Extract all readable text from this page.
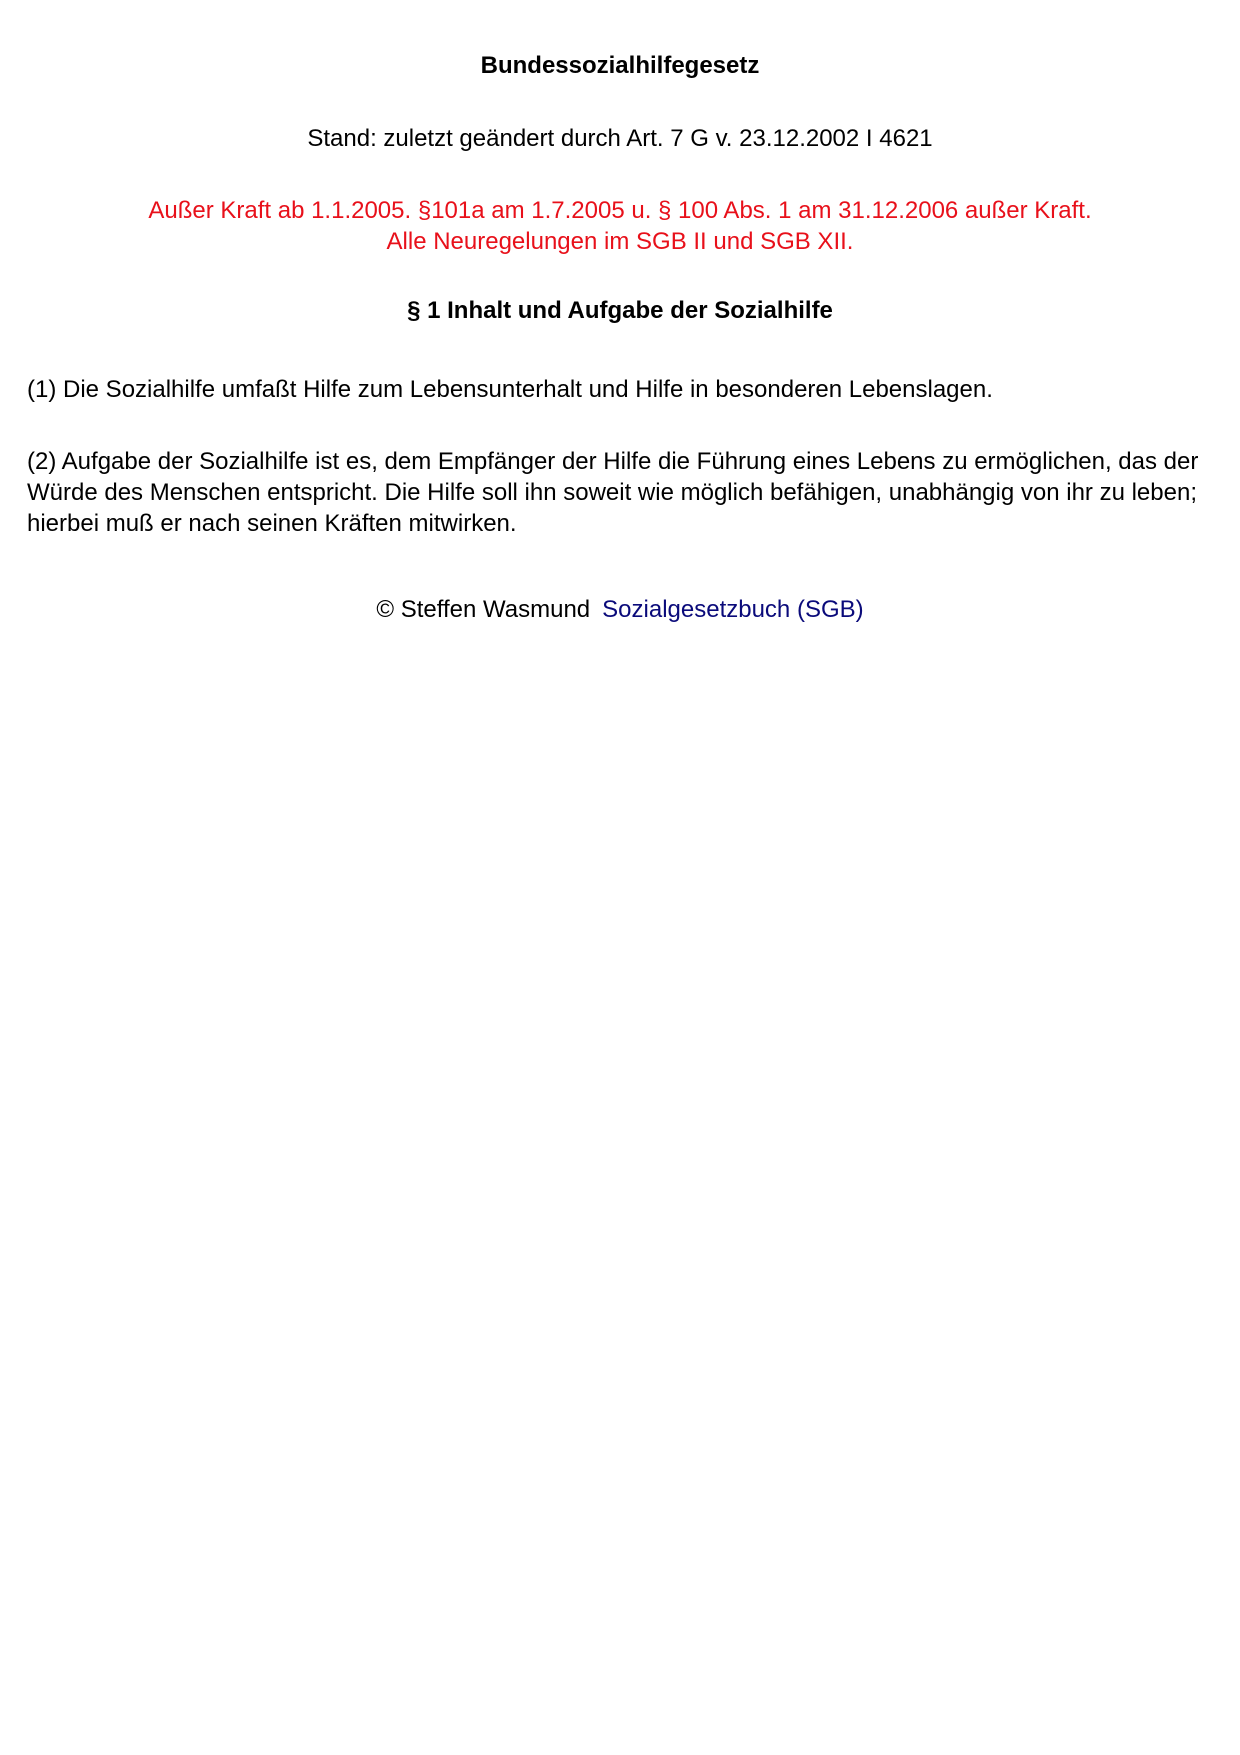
Bundessozialhilfegesetz
Stand: zuletzt geändert durch Art. 7 G v. 23.12.2002 I 4621
Außer Kraft ab 1.1.2005. §101a am 1.7.2005 u. § 100 Abs. 1 am 31.12.2006 außer Kraft.
Alle Neuregelungen im SGB II und SGB XII.
§ 1 Inhalt und Aufgabe der Sozialhilfe
(1) Die Sozialhilfe umfaßt Hilfe zum Lebensunterhalt und Hilfe in besonderen Lebenslagen.
(2) Aufgabe der Sozialhilfe ist es, dem Empfänger der Hilfe die Führung eines Lebens zu ermöglichen, das der Würde des Menschen entspricht. Die Hilfe soll ihn soweit wie möglich befähigen, unabhängig von ihr zu leben; hierbei muß er nach seinen Kräften mitwirken.
© Steffen Wasmund Sozialgesetzbuch (SGB)
